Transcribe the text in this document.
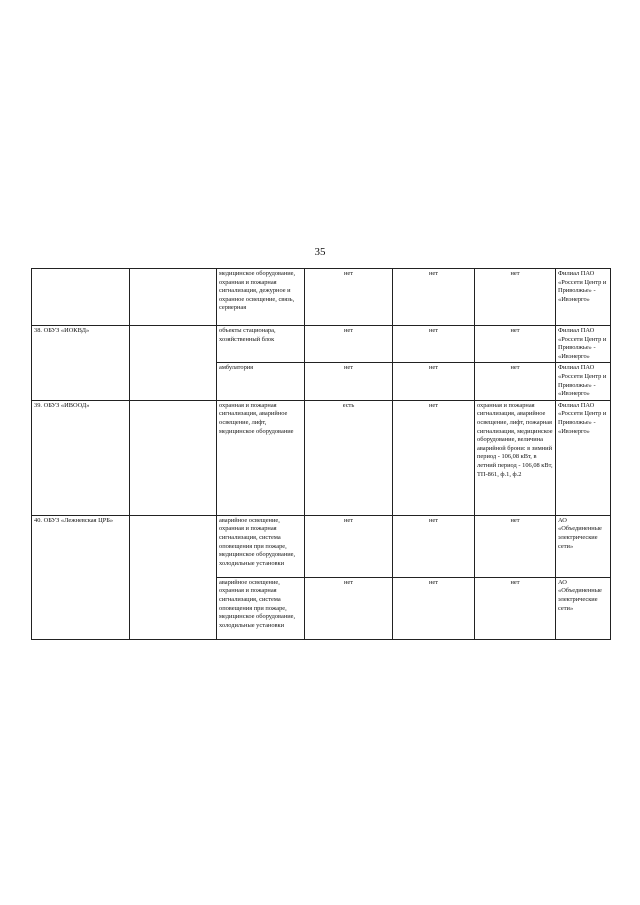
35
		медицинское оборудование, охранная и пожарная сигнализация, дежурное и охранное освещение, связь, серверная	нет	нет	нет	Филиал ПАО «Россети Центр и Приволжье» - «Ивэнерго»
38. ОБУЗ «ИОКВД»		объекты стационара, хозяйственный блок	нет	нет	нет	Филиал ПАО «Россети Центр и Приволжье» - «Ивэнерго»
		амбулатория	нет	нет	нет	Филиал ПАО «Россети Центр и Приволжье» - «Ивэнерго»
39. ОБУЗ «ИВООД»		охранная и пожарная сигнализация, аварийное освещение, лифт, медицинское оборудование	есть	нет	охранная и пожарная сигнализация, аварийное освещение, лифт, пожарная сигнализация, медицинское оборудование, величина аварийной брони: в зимний период - 106,08 кВт, в летний период - 106,08 кВт, ТП-861, ф.1, ф.2	Филиал ПАО «Россети Центр и Приволжье» - «Ивэнерго»
40. ОБУЗ «Лежневская ЦРБ»		аварийное освещение, охранная и пожарная сигнализация, система оповещения при пожаре, медицинское оборудование, холодильные установки	нет	нет	нет	АО «Объединенные электрические сети»
		аварийное освещение, охранная и пожарная сигнализация, система оповещения при пожаре, медицинское оборудование, холодильные установки	нет	нет	нет	АО «Объединенные электрические сети»
